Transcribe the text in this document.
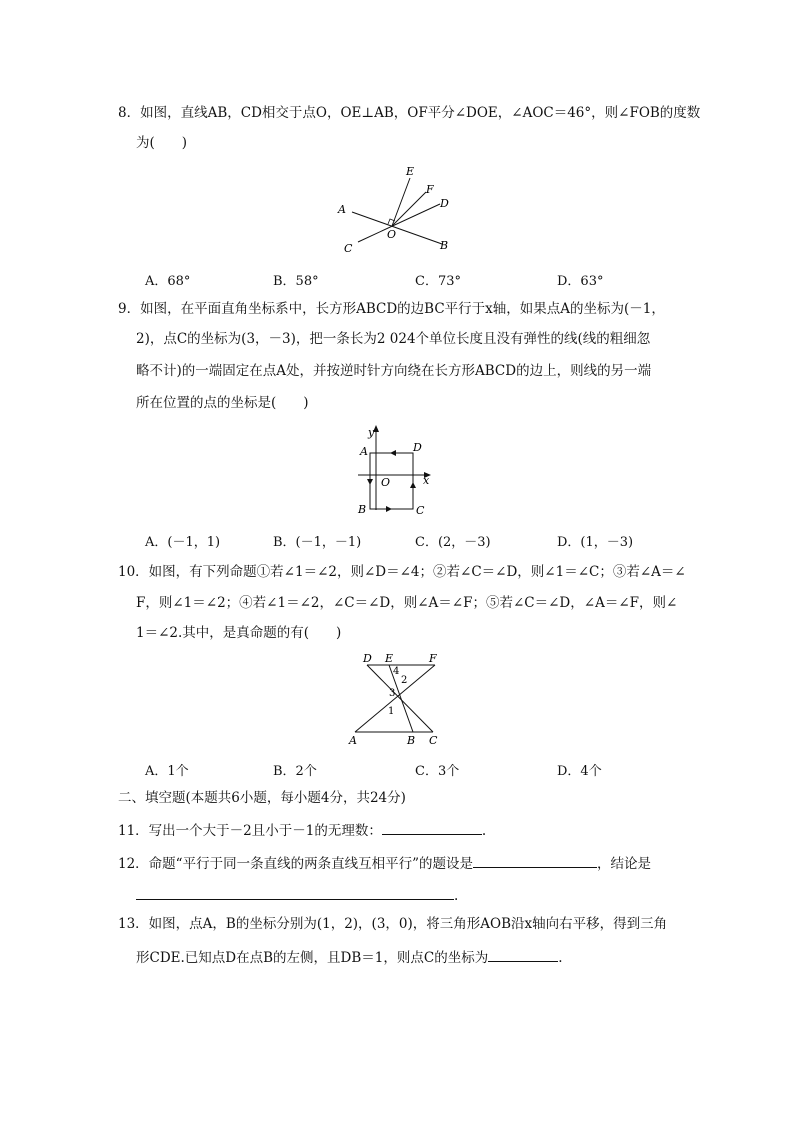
8．如图，直线AB，CD相交于点O，OE⊥AB，OF平分∠DOE，∠AOC＝46°，则∠FOB的度数
为(　　)
A
B
C
D
E
F
O
A．68°	B．58°	C．73°	D．63°
9．如图，在平面直角坐标系中，长方形ABCD的边BC平行于x轴，如果点A的坐标为(－1，
2)，点C的坐标为(3，－3)，把一条长为2 024个单位长度且没有弹性的线(线的粗细忽
略不计)的一端固定在点A处，并按逆时针方向绕在长方形ABCD的边上，则线的另一端
所在位置的点的坐标是(　　)
y
x
A	D
O
B	C
A．(－1，1)	B．(－1，－1)	C．(2，－3)	D．(1，－3)
10．如图，有下列命题①若∠1＝∠2，则∠D＝∠4；②若∠C＝∠D，则∠1＝∠C；③若∠A＝∠
F，则∠1＝∠2；④若∠1＝∠2，∠C＝∠D，则∠A＝∠F；⑤若∠C＝∠D，∠A＝∠F，则∠
1＝∠2.其中，是真命题的有(　　)
D E	F
A	B C
4
2
3
1
A．1个	B．2个	C．3个	D．4个
二、填空题(本题共6小题，每小题4分，共24分)
11．写出一个大于－2且小于－1的无理数：	.
12．命题“平行于同一条直线的两条直线互相平行”的题设是	，结论是
.
13．如图，点A，B的坐标分别为(1，2)，(3，0)，将三角形AOB沿x轴向右平移，得到三角
形CDE.已知点D在点B的左侧，且DB＝1，则点C的坐标为	.
